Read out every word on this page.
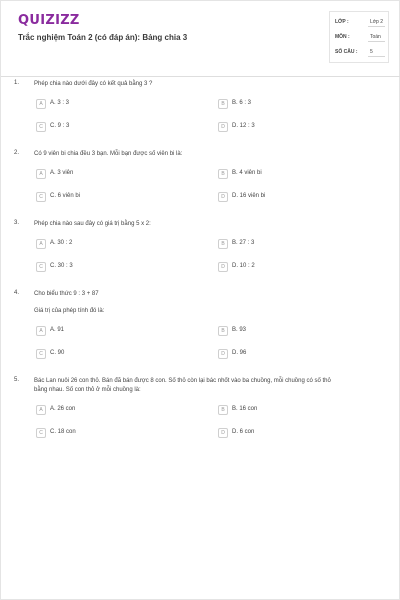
QUIZIZZ
Trắc nghiệm Toán 2 (có đáp án): Bảng chia 3
LỚP :	Lớp 2
MÔN :	Toán
SỐ CÂU :	5
1. Phép chia nào dưới đây có kết quả bằng 3 ?
A	A. 3 : 3	B	B. 6 : 3
C	C. 9 : 3	D	D. 12 : 3
2. Có 9 viên bi chia đều 3 bạn. Mỗi bạn được số viên bi là:
A	A. 3 viên	B	B. 4 viên bi
C	C. 6 viên bi	D	D. 16 viên bi
3. Phép chia nào sau đây có giá trị bằng 5 x 2:
A	A. 30 : 2	B	B. 27 : 3
C	C. 30 : 3	D	D. 10 : 2
4. Cho biểu thức 9 : 3 + 87
Giá trị của phép tính đó là:
A	A. 91	B	B. 93
C	C. 90	D	D. 96
5. Bác Lan nuôi 26 con thỏ. Bán đã bán được 8 con. Số thỏ còn lại bác nhốt vào ba chuồng, mỗi chuồng có số thỏ
bằng nhau. Số con thỏ ở mỗi chuồng là:
A	A. 26 con	B	B. 16 con
C	C. 18 con	D	D. 6 con
